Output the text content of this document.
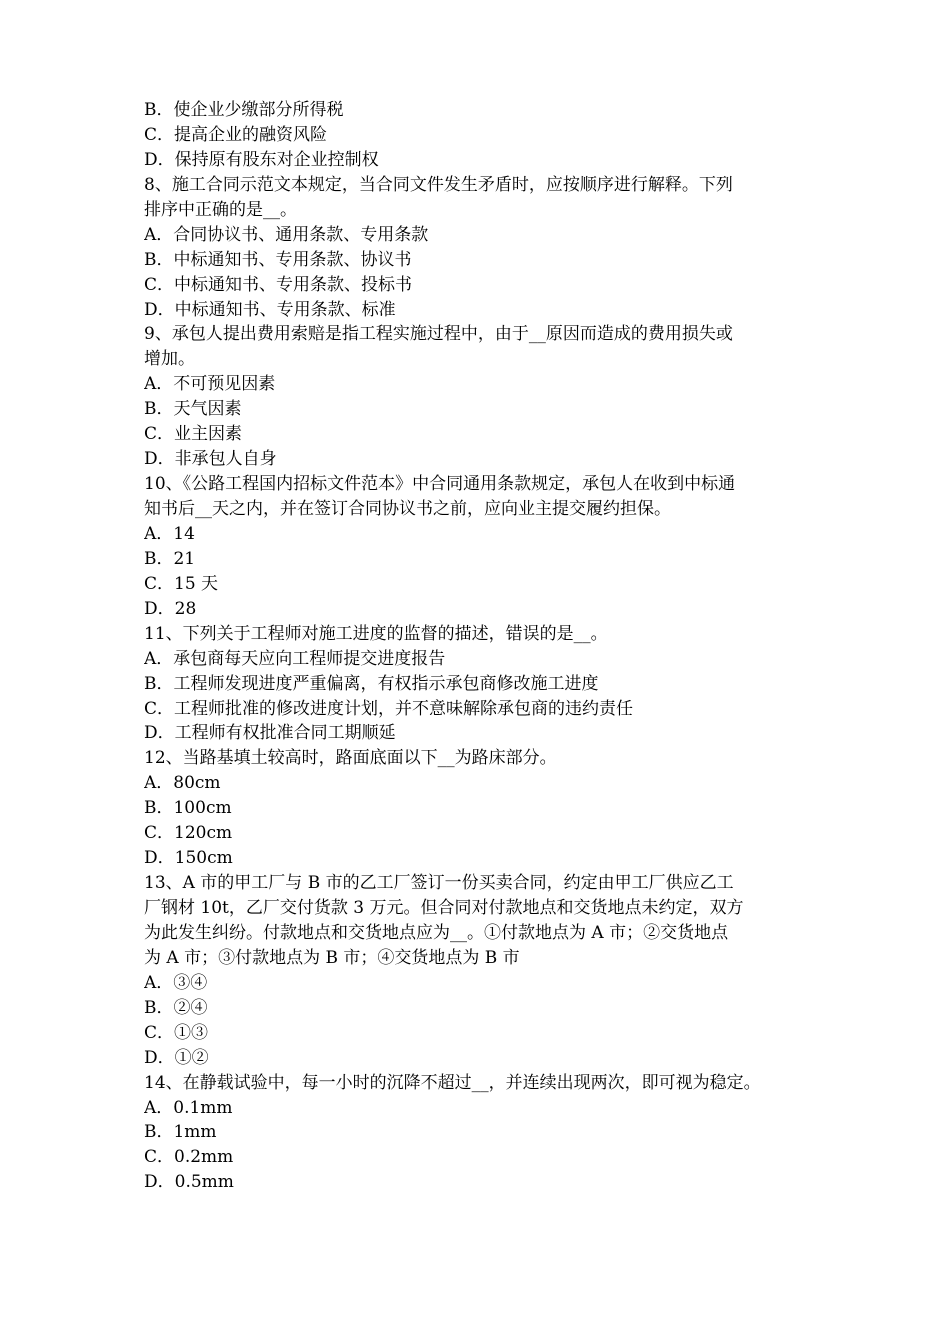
B．使企业少缴部分所得税
C．提高企业的融资风险
D．保持原有股东对企业控制权
8、施工合同示范文本规定，当合同文件发生矛盾时，应按顺序进行解释。下列
排序中正确的是__。
A．合同协议书、通用条款、专用条款
B．中标通知书、专用条款、协议书
C．中标通知书、专用条款、投标书
D．中标通知书、专用条款、标准
9、承包人提出费用索赔是指工程实施过程中，由于__原因而造成的费用损失或
增加。
A．不可预见因素
B．天气因素
C．业主因素
D．非承包人自身
10、《公路工程国内招标文件范本》中合同通用条款规定，承包人在收到中标通
知书后__天之内，并在签订合同协议书之前，应向业主提交履约担保。
A．14
B．21
C．15 天
D．28
11、下列关于工程师对施工进度的监督的描述，错误的是__。
A．承包商每天应向工程师提交进度报告
B．工程师发现进度严重偏离，有权指示承包商修改施工进度
C．工程师批准的修改进度计划，并不意味解除承包商的违约责任
D．工程师有权批准合同工期顺延
12、当路基填土较高时，路面底面以下__为路床部分。
A．80cm
B．100cm
C．120cm
D．150cm
13、A 市的甲工厂与 B 市的乙工厂签订一份买卖合同，约定由甲工厂供应乙工
厂钢材 10t，乙厂交付货款 3 万元。但合同对付款地点和交货地点未约定，双方
为此发生纠纷。付款地点和交货地点应为__。①付款地点为 A 市；②交货地点
为 A 市；③付款地点为 B 市；④交货地点为 B 市
A．③④
B．②④
C．①③
D．①②
14、在静载试验中，每一小时的沉降不超过__，并连续出现两次，即可视为稳定。
A．0.1mm
B．1mm
C．0.2mm
D．0.5mm
